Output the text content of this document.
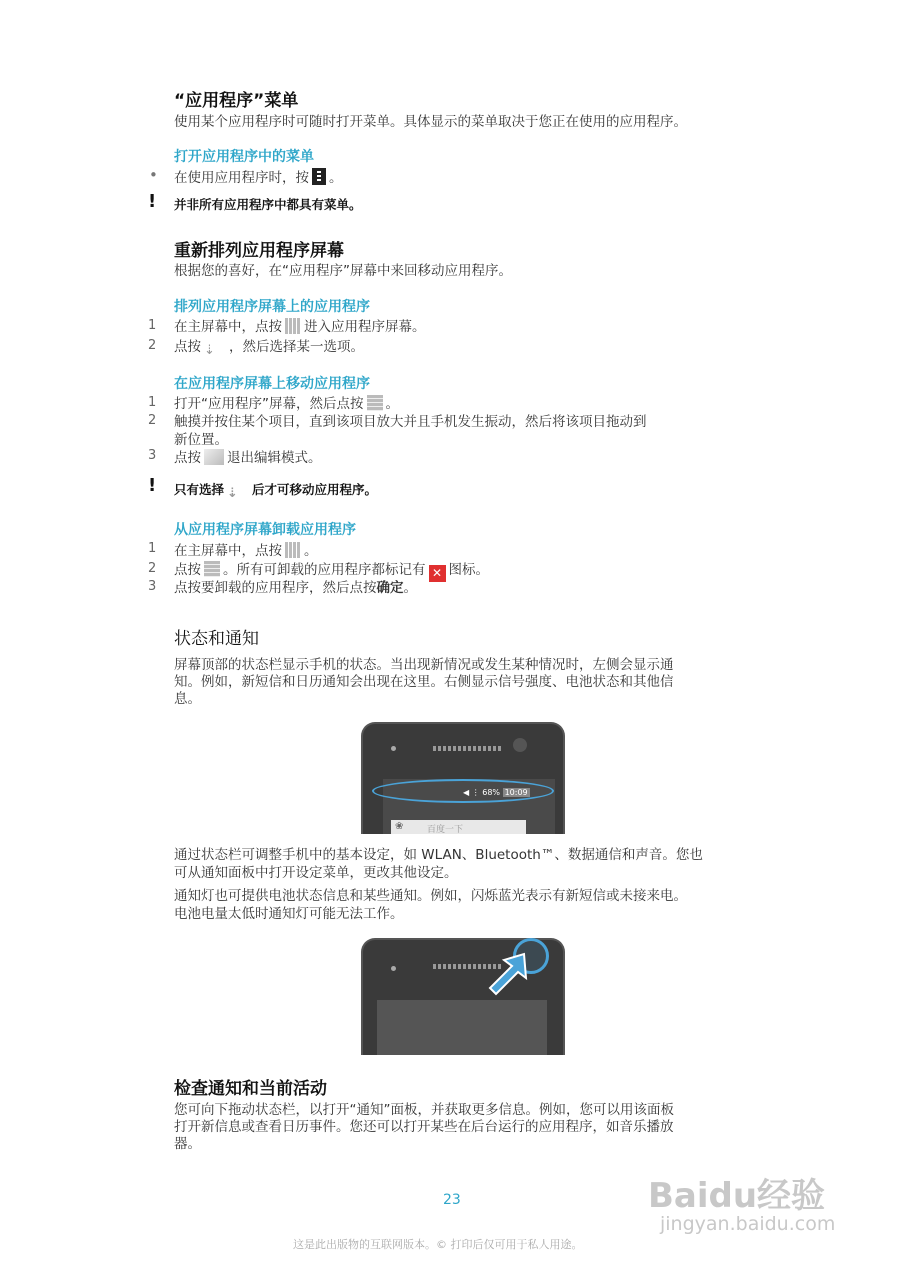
“应用程序”菜单
使用某个应用程序时可随时打开菜单。具体显示的菜单取决于您正在使用的应用程序。
打开应用程序中的菜单
• 在使用应用程序时，按 。
! 并非所有应用程序中都具有菜单。
重新排列应用程序屏幕
根据您的喜好，在“应用程序”屏幕中来回移动应用程序。
排列应用程序屏幕上的应用程序
1	在主屏幕中，点按 进入应用程序屏幕。
2	点按 ⇣ ，然后选择某一选项。
在应用程序屏幕上移动应用程序
1	打开“应用程序”屏幕，然后点按 。
2	触摸并按住某个项目，直到该项目放大并且手机发生振动，然后将该项目拖动到
新位置。
3	点按 退出编辑模式。
! 只有选择 ⇣ 后才可移动应用程序。
从应用程序屏幕卸载应用程序
1	在主屏幕中，点按 。
2	点按 。所有可卸载的应用程序都标记有 ✕ 图标。
3	点按要卸载的应用程序，然后点按确定。
状态和通知
屏幕顶部的状态栏显示手机的状态。当出现新情况或发生某种情况时，左侧会显示通
知。例如，新短信和日历通知会出现在这里。右侧显示信号强度、电池状态和其他信
息。
◀ ⋮ 68% 10:09
❀	百度一下
通过状态栏可调整手机中的基本设定，如 WLAN、Bluetooth™、数据通信和声音。您也
可从通知面板中打开设定菜单，更改其他设定。
通知灯也可提供电池状态信息和某些通知。例如，闪烁蓝光表示有新短信或未接来电。
电池电量太低时通知灯可能无法工作。
检查通知和当前活动
您可向下拖动状态栏，以打开“通知”面板，并获取更多信息。例如，您可以用该面板
打开新信息或查看日历事件。您还可以打开某些在后台运行的应用程序，如音乐播放
器。
23
这是此出版物的互联网版本。© 打印后仅可用于私人用途。
Baidu经验
jingyan.baidu.com
